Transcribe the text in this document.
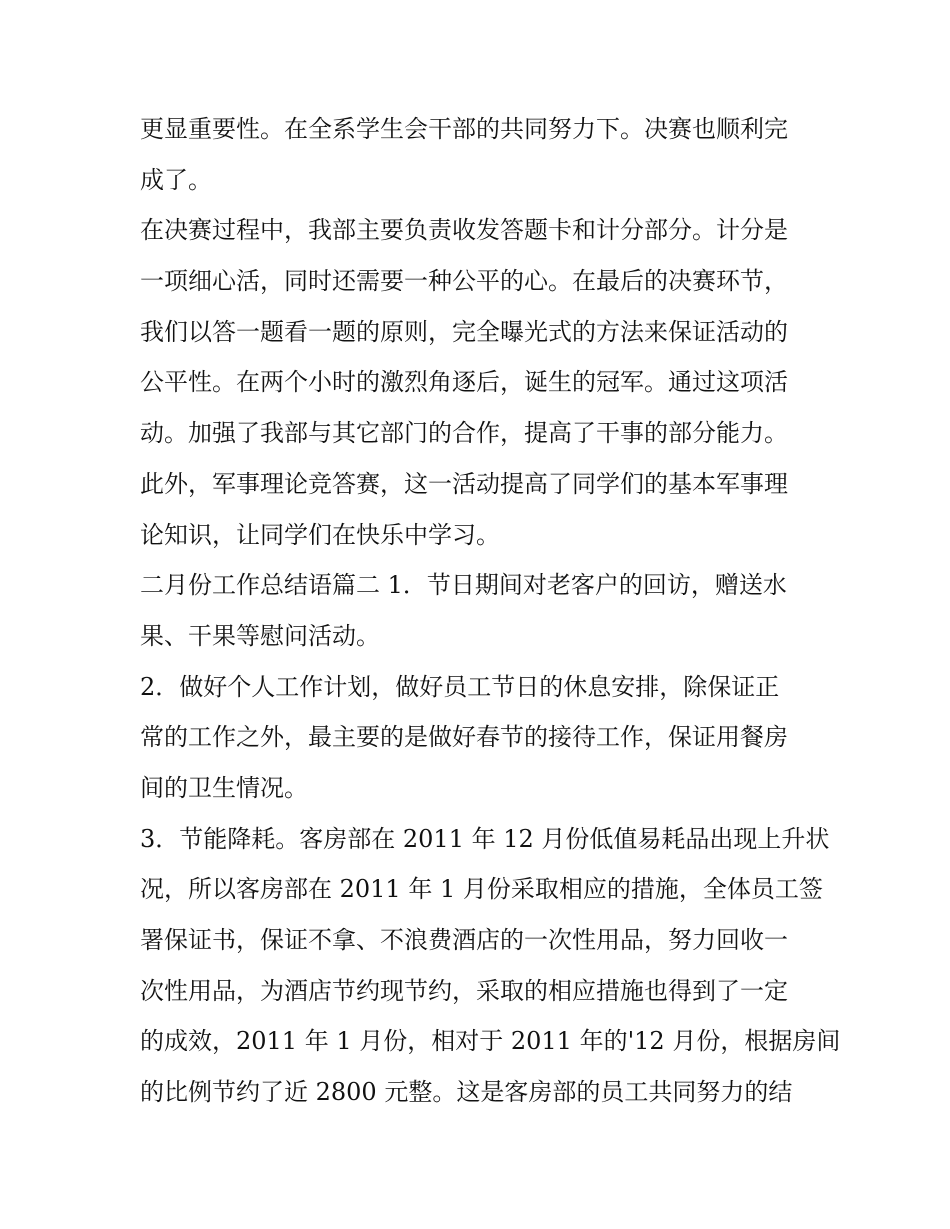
更显重要性。在全系学生会干部的共同努力下。决赛也顺利完
成了。
在决赛过程中，我部主要负责收发答题卡和计分部分。计分是
一项细心活，同时还需要一种公平的心。在最后的决赛环节，
我们以答一题看一题的原则，完全曝光式的方法来保证活动的
公平性。在两个小时的激烈角逐后，诞生的冠军。通过这项活
动。加强了我部与其它部门的合作，提高了干事的部分能力。
此外，军事理论竞答赛，这一活动提高了同学们的基本军事理
论知识，让同学们在快乐中学习。
二月份工作总结语篇二 1．节日期间对老客户的回访，赠送水
果、干果等慰问活动。
2．做好个人工作计划，做好员工节日的休息安排，除保证正
常的工作之外，最主要的是做好春节的接待工作，保证用餐房
间的卫生情况。
3．节能降耗。客房部在 2011 年 12 月份低值易耗品出现上升状
况，所以客房部在 2011 年 1 月份采取相应的措施，全体员工签
署保证书，保证不拿、不浪费酒店的一次性用品，努力回收一
次性用品，为酒店节约现节约，采取的相应措施也得到了一定
的成效，2011 年 1 月份，相对于 2011 年的'12 月份，根据房间
的比例节约了近 2800 元整。这是客房部的员工共同努力的结
